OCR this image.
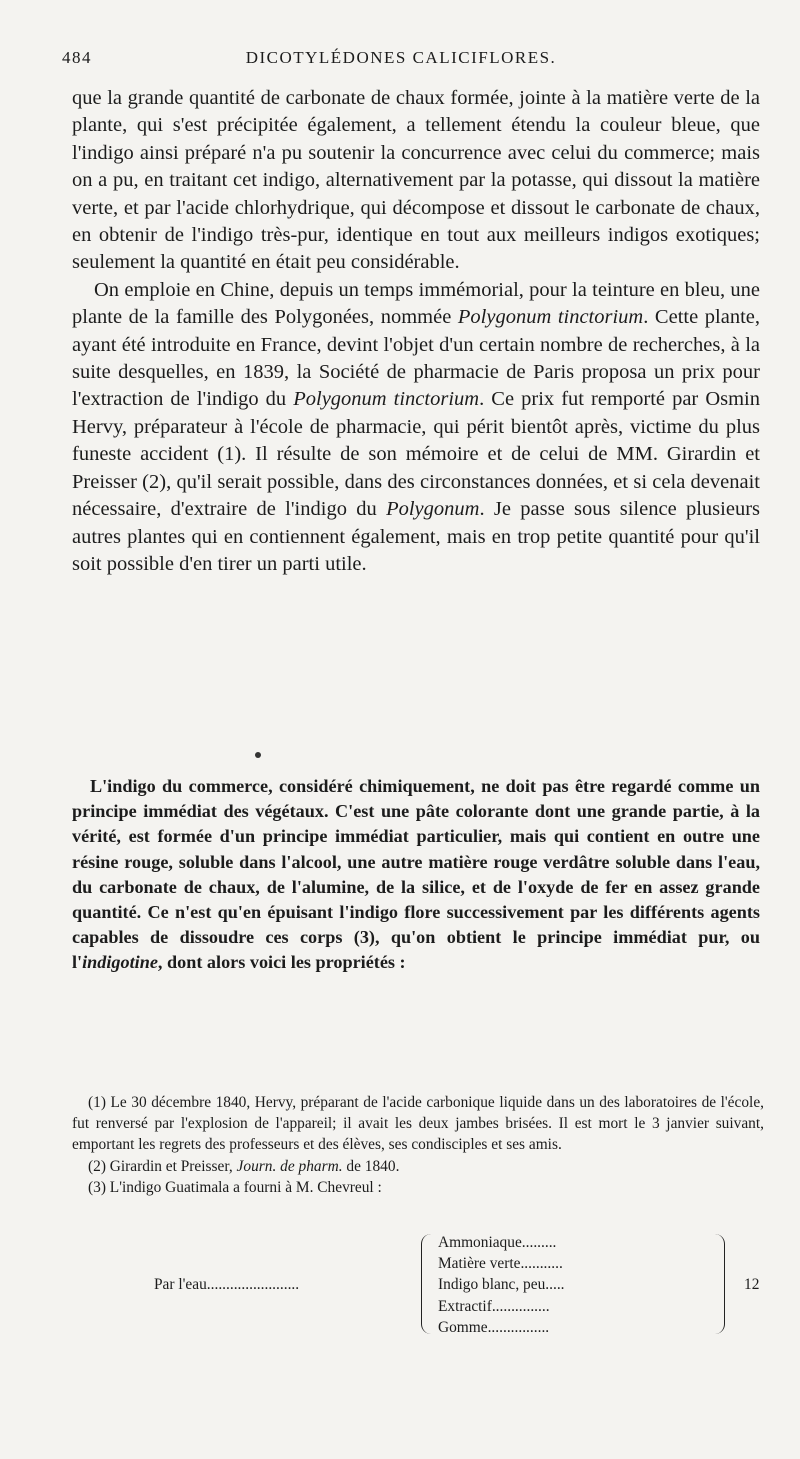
484	DICOTYLÉDONES CALICIFLORES.

que la grande quantité de carbonate de chaux formée, jointe à la matière verte de la plante, qui s'est précipitée également, a tellement étendu la couleur bleue, que l'indigo ainsi préparé n'a pu soutenir la concurrence avec celui du commerce; mais on a pu, en traitant cet indigo, alternativement par la potasse, qui dissout la matière verte, et par l'acide chlorhydrique, qui décompose et dissout le carbonate de chaux, en obtenir de l'indigo très-pur, identique en tout aux meilleurs indigos exotiques; seulement la quantité en était peu considérable.

On emploie en Chine, depuis un temps immémorial, pour la teinture en bleu, une plante de la famille des Polygonées, nommée Polygonum tinctorium. Cette plante, ayant été introduite en France, devint l'objet d'un certain nombre de recherches, à la suite desquelles, en 1839, la Société de pharmacie de Paris proposa un prix pour l'extraction de l'indigo du Polygonum tinctorium. Ce prix fut remporté par Osmin Hervy, préparateur à l'école de pharmacie, qui périt bientôt après, victime du plus funeste accident (1). Il résulte de son mémoire et de celui de MM. Girardin et Preisser (2), qu'il serait possible, dans des circonstances données, et si cela devenait nécessaire, d'extraire de l'indigo du Polygonum. Je passe sous silence plusieurs autres plantes qui en contiennent également, mais en trop petite quantité pour qu'il soit possible d'en tirer un parti utile.

L'indigo du commerce, considéré chimiquement, ne doit pas être regardé comme un principe immédiat des végétaux. C'est une pâte colorante dont une grande partie, à la vérité, est formée d'un principe immédiat particulier, mais qui contient en outre une résine rouge, soluble dans l'alcool, une autre matière rouge verdâtre soluble dans l'eau, du carbonate de chaux, de l'alumine, de la silice, et de l'oxyde de fer en assez grande quantité. Ce n'est qu'en épuisant l'indigo flore successivement par les différents agents capables de dissoudre ces corps (3), qu'on obtient le principe immédiat pur, ou l'indigotine, dont alors voici les propriétés :

(1) Le 30 décembre 1840, Hervy, préparant de l'acide carbonique liquide dans un des laboratoires de l'école, fut renversé par l'explosion de l'appareil; il avait les deux jambes brisées. Il est mort le 3 janvier suivant, emportant les regrets des professeurs et des élèves, ses condisciples et ses amis.

(2) Girardin et Preisser, Journ. de pharm. de 1840.

(3) L'indigo Guatimala a fourni à M. Chevreul :

Par l'eau........................
Ammoniaque.........
Matière verte...........
Indigo blanc, peu.....
Extractif...............
Gomme................
12
